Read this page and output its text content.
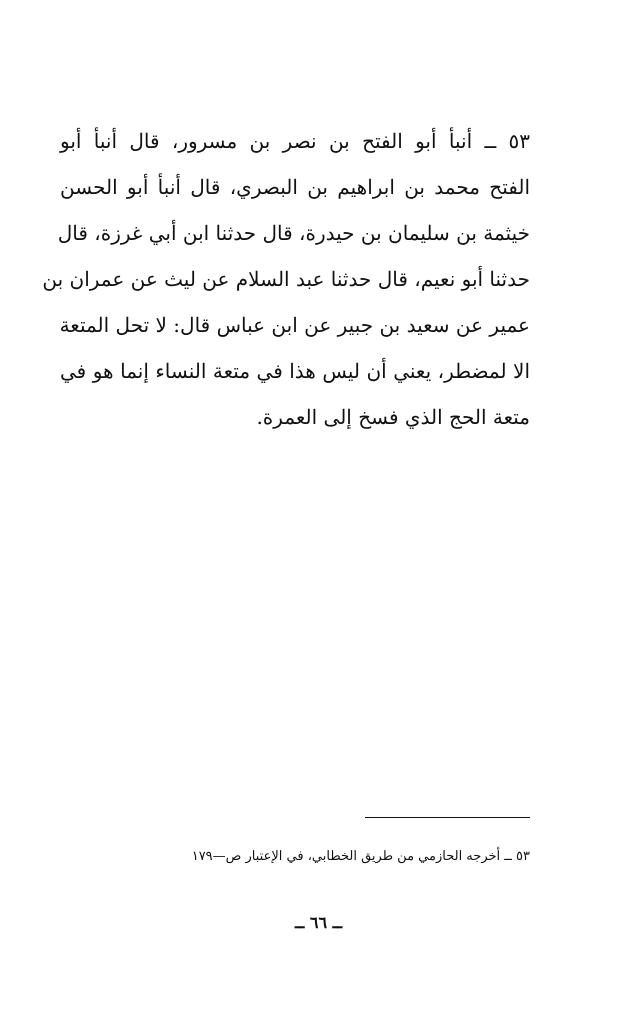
٥٣ ــ أنبأ أبو الفتح بن نصر بن مسرور، قال أنبأ أبو
الفتح محمد بن ابراهيم بن البصري، قال أنبأ أبو الحسن
خيثمة بن سليمان بن حيدرة، قال حدثنا ابن أبي غرزة، قال
حدثنا أبو نعيم، قال حدثنا عبد السلام عن ليث عن عمران بن
عمير عن سعيد بن جبير عن ابن عباس قال: لا تحل المتعة
الا لمضطر، يعني أن ليس هذا في متعة النساء إنما هو في
متعة الحج الذي فسخ إلى العمرة.
٥٣ ــ أخرجه الحازمي من طريق الخطابي، في الإعتبار ص—١٧٩
ــ ٦٦ ــ
